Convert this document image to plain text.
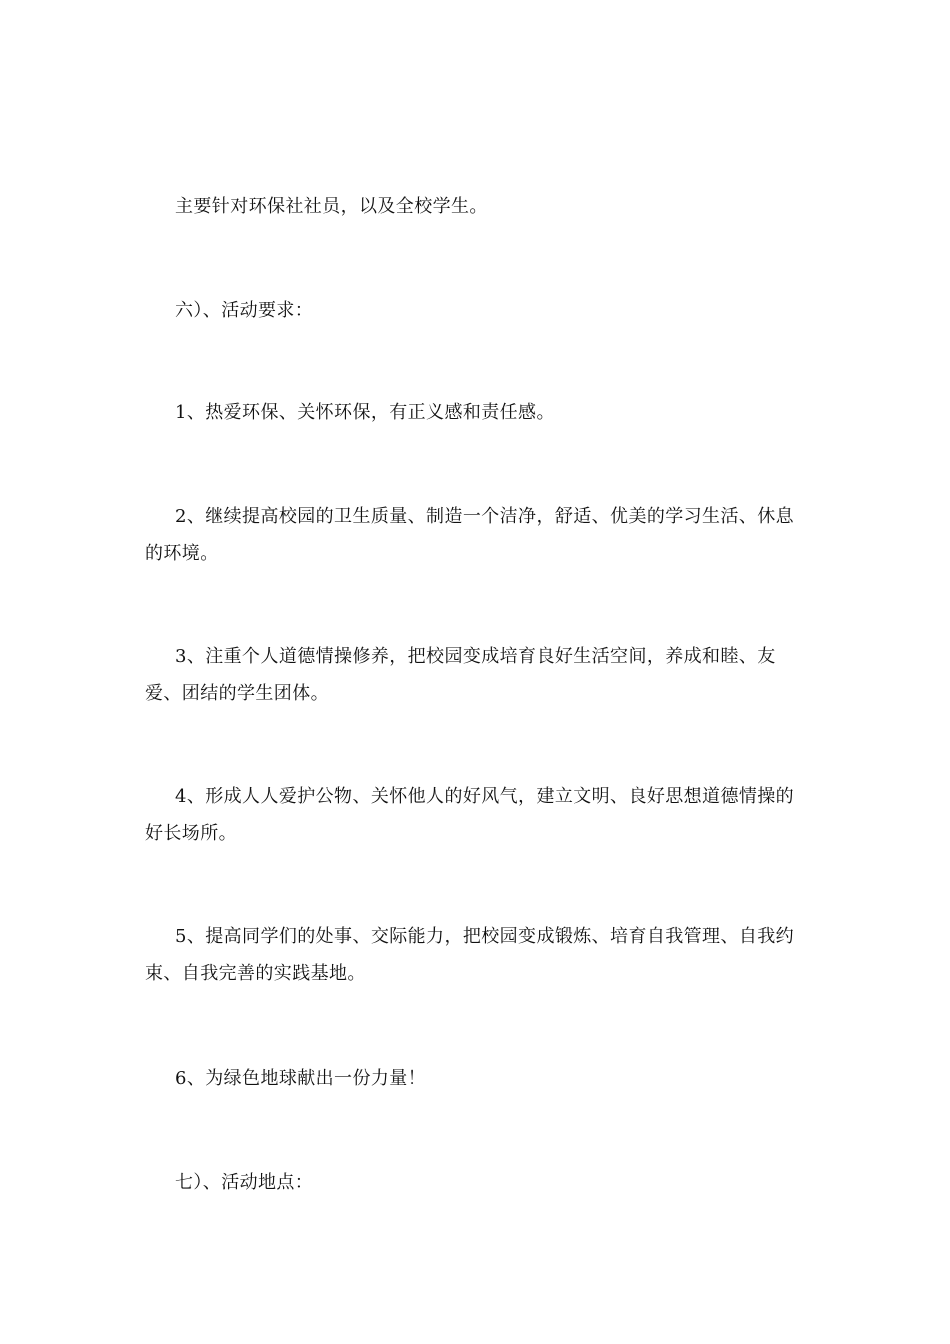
主要针对环保社社员，以及全校学生。

六）、活动要求：

1、热爱环保、关怀环保，有正义感和责任感。

2、继续提高校园的卫生质量、制造一个洁净，舒适、优美的学习生活、休息的环境。

3、注重个人道德情操修养，把校园变成培育良好生活空间，养成和睦、友爱、团结的学生团体。

4、形成人人爱护公物、关怀他人的好风气，建立文明、良好思想道德情操的好长场所。

5、提高同学们的处事、交际能力，把校园变成锻炼、培育自我管理、自我约束、自我完善的实践基地。

6、为绿色地球献出一份力量！

七）、活动地点：
